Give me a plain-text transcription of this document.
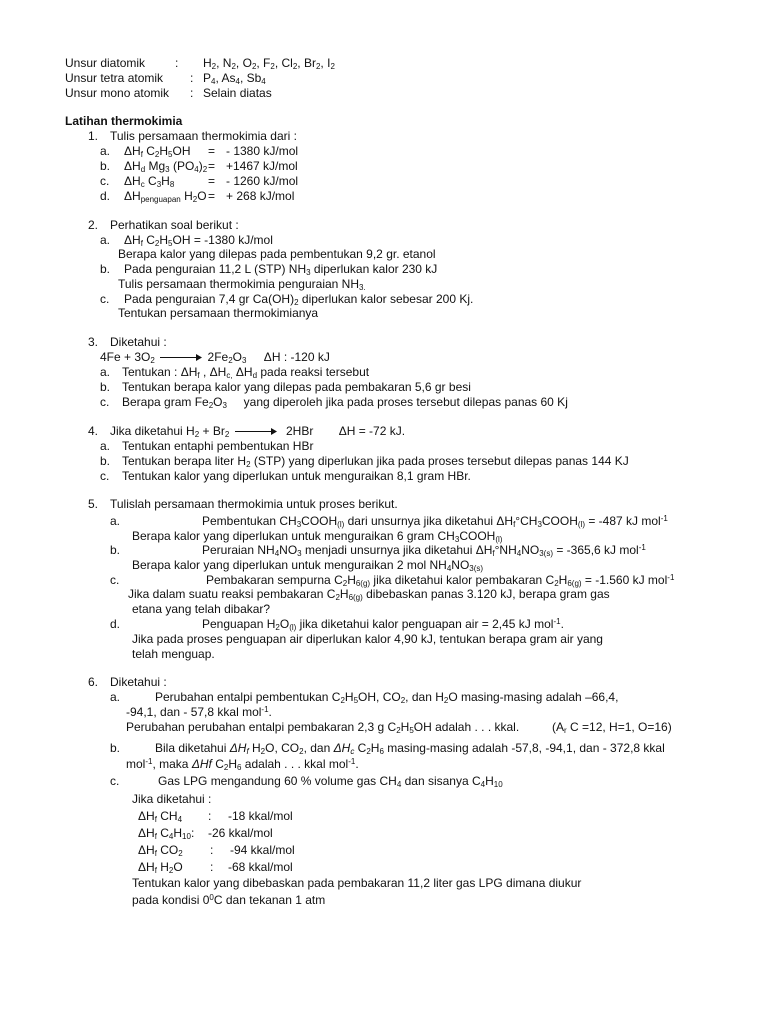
Unsur diatomik : $H_2$, $N_2$, $O_2$, $F_2$, $Cl_2$, $Br_2$, $I_2$
Unsur tetra atomik : $P_4$, $As_4$, $Sb_4$
Unsur mono atomik : Selain diatas
Latihan thermokimia
1. Tulis persamaan thermokimia dari :
a. $\Delta H_f$ $C_2H_5OH$ = - 1380 kJ/mol
b. $\Delta H_d$ $Mg_3$ $(PO_4)_2 = +1467$ kJ/mol
c. $\Delta H_c$ $C_3H_8$	= - 1260 kJ/mol
d. $\Delta H_{penguapan}$ $H_2O$ = + 268 kJ/mol
2. Perhatikan soal berikut :
a. $\Delta H_f$ $C_2H_5OH = -1380$ kJ/mol
Berapa kalor yang dilepas pada pembentukan 9,2 gr. etanol
b. Pada penguraian 11,2 L (STP) $NH_3$ diperlukan kalor 230 kJ
Tulis persamaan thermokimia penguraian $NH_{3.}$
c. Pada penguraian 7,4 gr $Ca(OH)_2$ diperlukan kalor sebesar 200 Kj.
Tentukan persamaan thermokimianya
3. Diketahui :
$4Fe + 3O_2 \to 2Fe_2O_3$ ΔH : -120 kJ
a. Tentukan : $\Delta H_f$ , $\Delta H_{c,}$ $\Delta H_d$ pada reaksi tersebut
b. Tentukan berapa kalor yang dilepas pada pembakaran 5,6 gr besi
c. Berapa gram $Fe_2O_3$     yang diperoleh jika pada proses tersebut dilepas panas 60 Kj
4. Jika diketahui $H_2 + Br_2 \to 2HBr$ ΔH = -72 kJ.
a. Tentukan entaphi pembentukan HBr
b. Tentukan berapa liter $H_2$ (STP) yang diperlukan jika pada proses tersebut dilepas panas 144 KJ
c. Tentukan kalor yang diperlukan untuk menguraikan 8,1 gram HBr.
5. Tulislah persamaan thermokimia untuk proses berikut.
a.	Pembentukan $CH_3COOH_{(l)}$ dari unsurnya jika diketahui $\Delta H_f^\circ CH_3COOH_{(l)} = -487$ kJ mol$^{-1}$
Berapa kalor yang diperlukan untuk menguraikan 6 gram $CH_3COOH_{(l)}$
b.	Peruraian $NH_4NO_3$ menjadi unsurnya jika diketahui $\Delta H_f^\circ NH_4NO_{3(s)} = -365,6$ kJ mol$^{-1}$
Berapa kalor yang diperlukan untuk menguraikan 2 mol $NH_4NO_{3(s)}$
c.	Pembakaran sempurna $C_2H_{6(g)}$ jika diketahui kalor pembakaran $C_2H_{6(g)} = -1.560$ kJ mol$^{-1}$
Jika dalam suatu reaksi pembakaran $C_2H_{6(g)}$ dibebaskan panas 3.120 kJ, berapa gram gas
etana yang telah dibakar?
d.	Penguapan $H_2O_{(l)}$ jika diketahui kalor penguapan air = 2,45 kJ mol$^{-1}$.
Jika pada proses penguapan air diperlukan kalor 4,90 kJ, tentukan berapa gram air yang
telah menguap.
6. Diketahui :
a.	Perubahan entalpi pembentukan $C_2H_5OH$, $CO_2$, dan $H_2O$ masing-masing adalah –66,4,
-94,1, dan - 57,8 kkal mol$^{-1}$.
Perubahan perubahan entalpi pembakaran 2,3 g $C_2H_5OH$ adalah . . . kkal.	($A_r$ C =12, H=1, O=16)
b.	Bila diketahui $\Delta H_f$ $H_2O$, $CO_2$, dan $\Delta H_c$ $C_2H_6$ masing-masing adalah -57,8, -94,1, dan - 372,8 kkal
mol$^{-1}$, maka ΔHf $C_2H_6$ adalah . . . kkal mol$^{-1}$.
c.	Gas LPG mengandung 60 % volume gas $CH_4$ dan sisanya $C_4H_{10}$
Jika diketahui :
$\Delta H_f$ $CH_4$ : -18 kkal/mol
$\Delta H_f$ $C_4H_{10}$: -26 kkal/mol
$\Delta H_f$ $CO_2$ : -94 kkal/mol
$\Delta H_f$ $H_2O$ : -68 kkal/mol
Tentukan kalor yang dibebaskan pada pembakaran 11,2 liter gas LPG dimana diukur
pada kondisi $0^0C$ dan tekanan 1 atm
